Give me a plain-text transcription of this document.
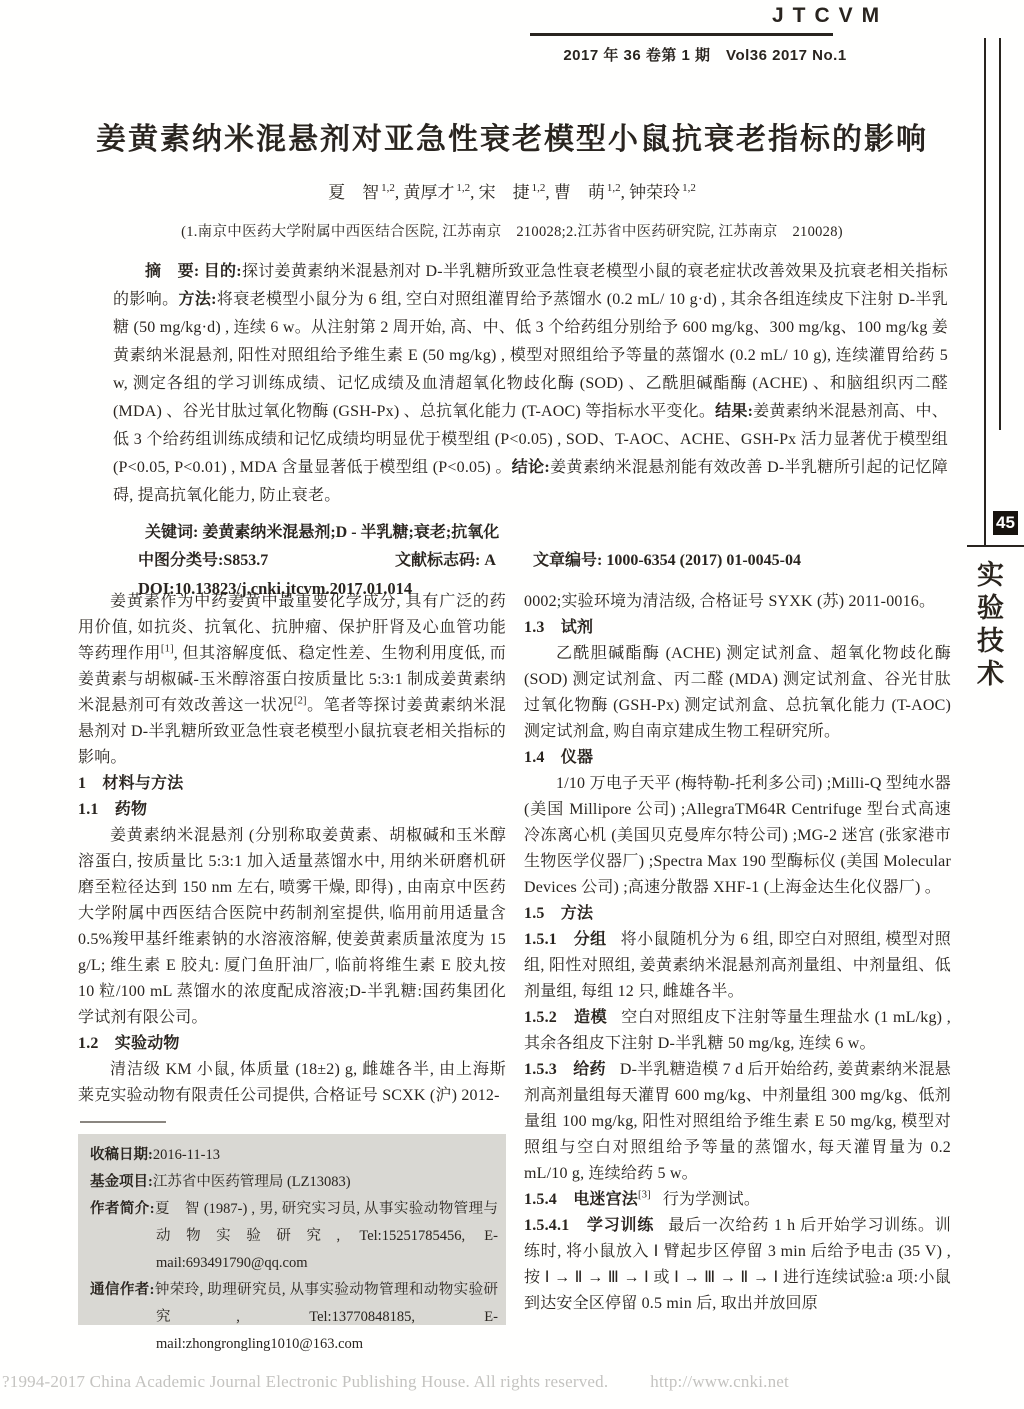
JTCVM
2017 年 36 卷第 1 期　Vol36 2017 No.1
45
实验技术
姜黄素纳米混悬剂对亚急性衰老模型小鼠抗衰老指标的影响
夏　智 $^{1,2}$, 黄厚才 $^{1,2}$, 宋　捷 $^{1,2}$, 曹　萌 $^{1,2}$, 钟荣玲 $^{1,2}$
(1.南京中医药大学附属中西医结合医院, 江苏南京　210028;2.江苏省中医药研究院, 江苏南京　210028)

摘　要: 目的:探讨姜黄素纳米混悬剂对 D-半乳糖所致亚急性衰老模型小鼠的衰老症状改善效果及抗衰老相关指标的影响。方法:将衰老模型小鼠分为 6 组, 空白对照组灌胃给予蒸馏水 (0.2 mL/ 10 g·d) , 其余各组连续皮下注射 D-半乳糖 (50 mg/kg·d) , 连续 6 w。从注射第 2 周开始, 高、中、低 3 个给药组分别给予 600 mg/kg、300 mg/kg、100 mg/kg 姜黄素纳米混悬剂, 阳性对照组给予维生素 E (50 mg/kg) , 模型对照组给予等量的蒸馏水 (0.2 mL/ 10 g), 连续灌胃给药 5 w, 测定各组的学习训练成绩、记忆成绩及血清超氧化物歧化酶 (SOD) 、乙酰胆碱酯酶 (ACHE) 、和脑组织丙二醛 (MDA) 、谷光甘肽过氧化物酶 (GSH-Px) 、总抗氧化能力 (T-AOC) 等指标水平变化。结果:姜黄素纳米混悬剂高、中、低 3 个给药组训练成绩和记忆成绩均明显优于模型组 (P<0.05) , SOD、T-AOC、ACHE、GSH-Px 活力显著优于模型组 (P<0.05, P<0.01) , MDA 含量显著低于模型组 (P<0.05) 。结论:姜黄素纳米混悬剂能有效改善 D-半乳糖所引起的记忆障碍, 提高抗氧化能力, 防止衰老。

关键词: 姜黄素纳米混悬剂;D - 半乳糖;衰老;抗氧化

中图分类号:S853.7	文献标志码: A 文章编号: 1000-6354 (2017) 01-0045-04

DOI:10.13823/j.cnki.jtcvm.2017.01.014

姜黄素作为中药姜黄中最重要化学成分, 具有广泛的药用价值, 如抗炎、抗氧化、抗肿瘤、保护肝肾及心血管功能等药理作用[1], 但其溶解度低、稳定性差、生物利用度低, 而姜黄素与胡椒碱-玉米醇溶蛋白按质量比 5:3:1 制成姜黄素纳米混悬剂可有效改善这一状况[2]。笔者等探讨姜黄素纳米混悬剂对 D-半乳糖所致亚急性衰老模型小鼠抗衰老相关指标的影响。

1　材料与方法
1.1　药物

姜黄素纳米混悬剂 (分别称取姜黄素、胡椒碱和玉米醇溶蛋白, 按质量比 5:3:1 加入适量蒸馏水中, 用纳米研磨机研磨至粒径达到 150 nm 左右, 喷雾干燥, 即得) , 由南京中医药大学附属中西医结合医院中药制剂室提供, 临用前用适量含 0.5%羧甲基纤维素钠的水溶液溶解, 使姜黄素质量浓度为 15 g/L; 维生素 E 胶丸: 厦门鱼肝油厂, 临前将维生素 E 胶丸按 10 粒/100 mL 蒸馏水的浓度配成溶液;D-半乳糖:国药集团化学试剂有限公司。

1.2　实验动物

清洁级 KM 小鼠, 体质量 (18±2) g, 雌雄各半, 由上海斯莱克实验动物有限责任公司提供, 合格证号 SCXK (沪) 2012-

0002;实验环境为清洁级, 合格证号 SYXK (苏) 2011-0016。

1.3　试剂

乙酰胆碱酯酶 (ACHE) 测定试剂盒、超氧化物歧化酶 (SOD) 测定试剂盒、丙二醛 (MDA) 测定试剂盒、谷光甘肽过氧化物酶 (GSH-Px) 测定试剂盒、总抗氧化能力 (T-AOC) 测定试剂盒, 购自南京建成生物工程研究所。

1.4　仪器

1/10 万电子天平 (梅特勒-托利多公司) ;Milli-Q 型纯水器 (美国 Millipore 公司) ;AllegraTM64R Centrifuge 型台式高速冷冻离心机 (美国贝克曼库尔特公司) ;MG-2 迷宫 (张家港市生物医学仪器厂) ;Spectra Max 190 型酶标仪 (美国 Molecular Devices 公司) ;高速分散器 XHF-1 (上海金达生化仪器厂) 。

1.5　方法

1.5.1　分组 将小鼠随机分为 6 组, 即空白对照组, 模型对照组, 阳性对照组, 姜黄素纳米混悬剂高剂量组、中剂量组、低剂量组, 每组 12 只, 雌雄各半。

1.5.2　造模 空白对照组皮下注射等量生理盐水 (1 mL/kg) , 其余各组皮下注射 D-半乳糖 50 mg/kg, 连续 6 w。

1.5.3　给药 D-半乳糖造模 7 d 后开始给药, 姜黄素纳米混悬剂高剂量组每天灌胃 600 mg/kg、中剂量组 300 mg/kg、低剂量组 100 mg/kg, 阳性对照组给予维生素 E 50 mg/kg, 模型对照组与空白对照组给予等量的蒸馏水, 每天灌胃量为 0.2 mL/10 g, 连续给药 5 w。

1.5.4　电迷宫法[3] 行为学测试。

1.5.4.1　学习训练 最后一次给药 1 h 后开始学习训练。训练时, 将小鼠放入 Ⅰ 臂起步区停留 3 min 后给予电击 (35 V) , 按 Ⅰ → Ⅱ → Ⅲ → Ⅰ 或 Ⅰ → Ⅲ → Ⅱ → Ⅰ 进行连续试验:a 项:小鼠到达安全区停留 0.5 min 后, 取出并放回原

收稿日期:2016-11-13

基金项目:江苏省中医药管理局 (LZ13083)

作者简介:夏　智 (1987-) , 男, 研究实习员, 从事实验动物管理与动物实验研究, Tel:15251785456, E-mail:693491790@qq.com

通信作者:钟荣玲, 助理研究员, 从事实验动物管理和动物实验研究, Tel:13770848185, E-mail:zhongrongling1010@163.com

?1994-2017 China Academic Journal Electronic Publishing House. All rights reserved. http://www.cnki.net
